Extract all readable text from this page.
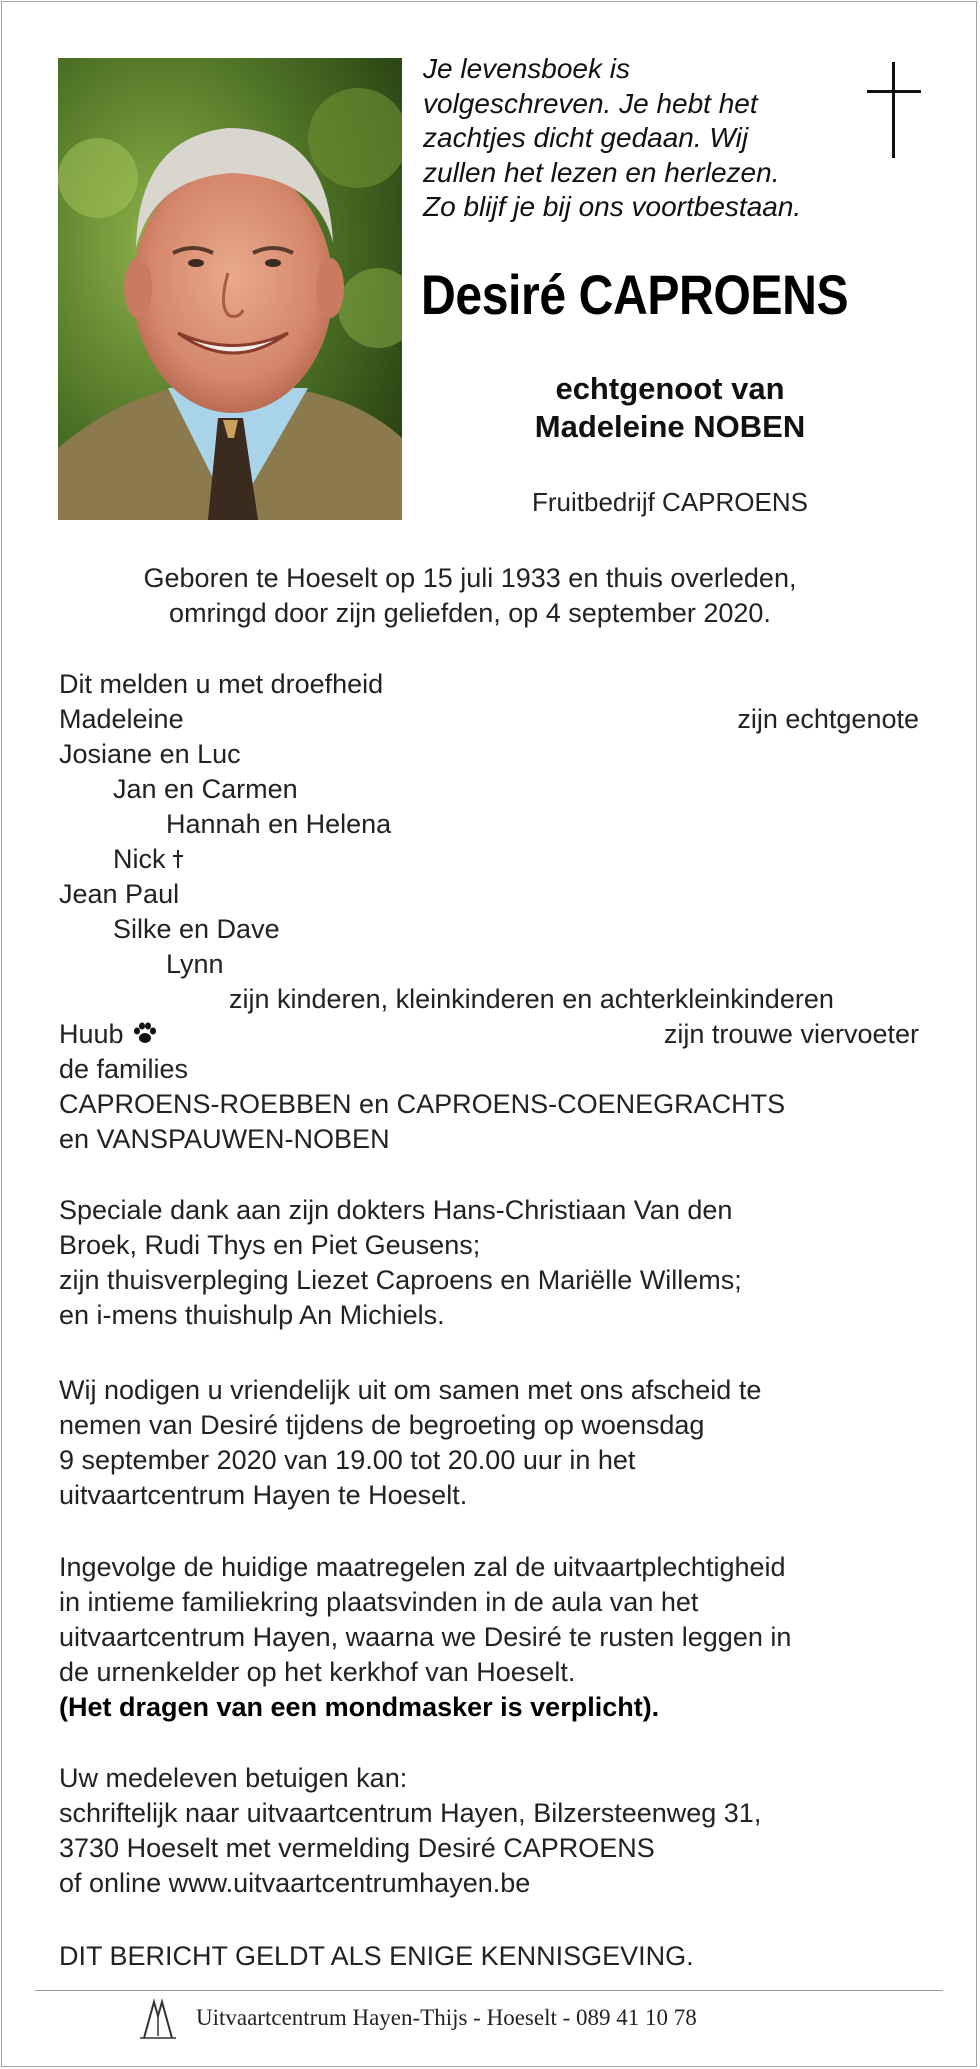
Je levensboek is
volgeschreven. Je hebt het
zachtjes dicht gedaan. Wij
zullen het lezen en herlezen.
Zo blijf je bij ons voortbestaan.
Desiré CAPROENS
echtgenoot van
Madeleine NOBEN
Fruitbedrijf CAPROENS
Geboren te Hoeselt op 15 juli 1933 en thuis overleden,
omringd door zijn geliefden, op 4 september 2020.
Dit melden u met droefheid
Madeleine	zijn echtgenote
Josiane en Luc
Jan en Carmen
Hannah en Helena
Nick
Jean Paul
Silke en Dave
Lynn
zijn kinderen, kleinkinderen en achterkleinkinderen
Huub	zijn trouwe viervoeter
de families
CAPROENS-ROEBBEN en CAPROENS-COENEGRACHTS
en VANSPAUWEN-NOBEN
Speciale dank aan zijn dokters Hans-Christiaan Van den
Broek, Rudi Thys en Piet Geusens;
zijn thuisverpleging Liezet Caproens en Mariëlle Willems;
en i-mens thuishulp An Michiels.
Wij nodigen u vriendelijk uit om samen met ons afscheid te
nemen van Desiré tijdens de begroeting op woensdag
9 september 2020 van 19.00 tot 20.00 uur in het
uitvaartcentrum Hayen te Hoeselt.
Ingevolge de huidige maatregelen zal de uitvaartplechtigheid
in intieme familiekring plaatsvinden in de aula van het
uitvaartcentrum Hayen, waarna we Desiré te rusten leggen in
de urnenkelder op het kerkhof van Hoeselt.
(Het dragen van een mondmasker is verplicht).
Uw medeleven betuigen kan:
schriftelijk naar uitvaartcentrum Hayen, Bilzersteenweg 31,
3730 Hoeselt met vermelding Desiré CAPROENS
of online www.uitvaartcentrumhayen.be
DIT BERICHT GELDT ALS ENIGE KENNISGEVING.
Uitvaartcentrum Hayen-Thijs - Hoeselt - 089 41 10 78
